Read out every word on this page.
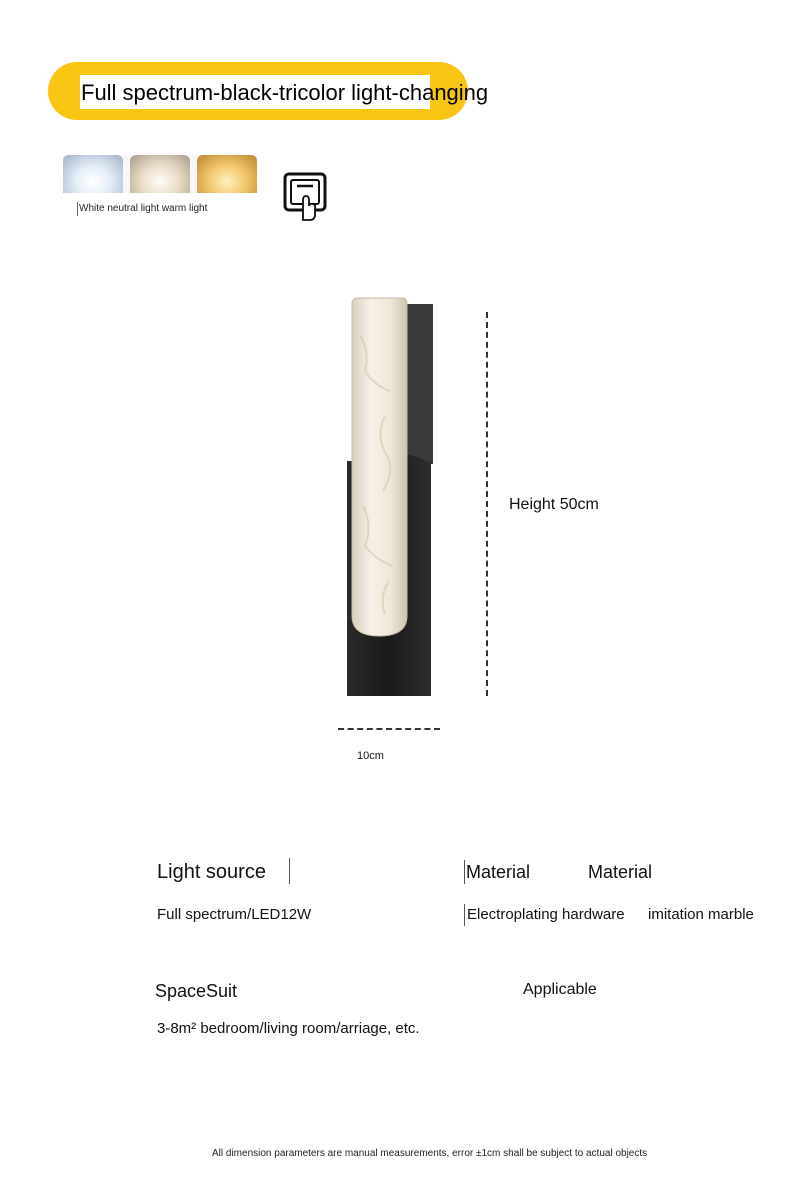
Full spectrum-black-tricolor light-changing
White neutral light warm light
Height 50cm
10cm
Light source
Full spectrum/LED12W
Material	Material
Electroplating hardware imitation marble
SpaceSuit	Applicable
3-8m² bedroom/living room/arriage, etc.
All dimension parameters are manual measurements, error ±1cm shall be subject to actual objects
